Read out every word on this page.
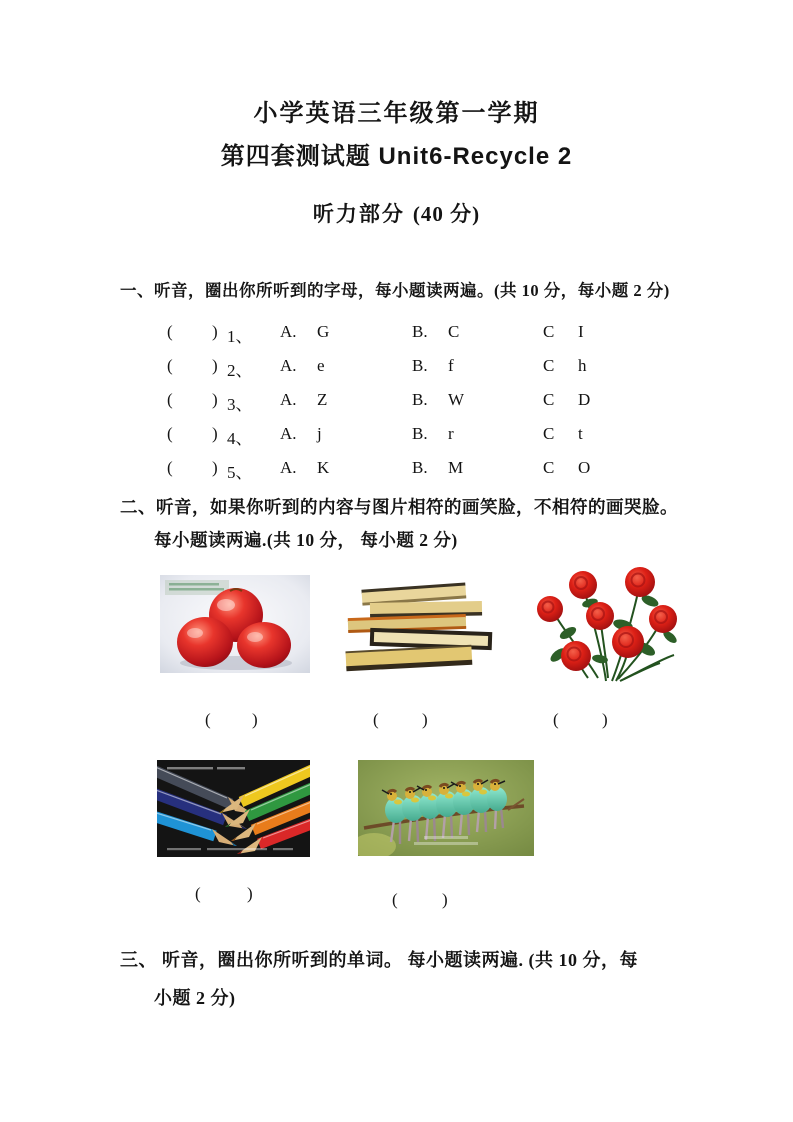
小学英语三年级第一学期
第四套测试题 Unit6-Recycle 2
听力部分 (40 分)
一、听音，圈出你所听到的字母，每小题读两遍。(共 10 分，每小题 2 分)
( ) 1、 A. G	B. C	C I
( ) 2、 A. e	B. f	C h
( ) 3、 A. Z	B. W	C D
( ) 4、 A. j	B. r	C t
( ) 5、 A. K	B. M	C O
二、听音，如果你听到的内容与图片相符的画笑脸，不相符的画哭脸。
每小题读两遍.(共 10 分， 每小题 2 分)
( )	(	)	(	)
(	)	(	)
三、 听音，圈出你所听到的单词。 每小题读两遍. (共 10 分，每
小题 2 分)
